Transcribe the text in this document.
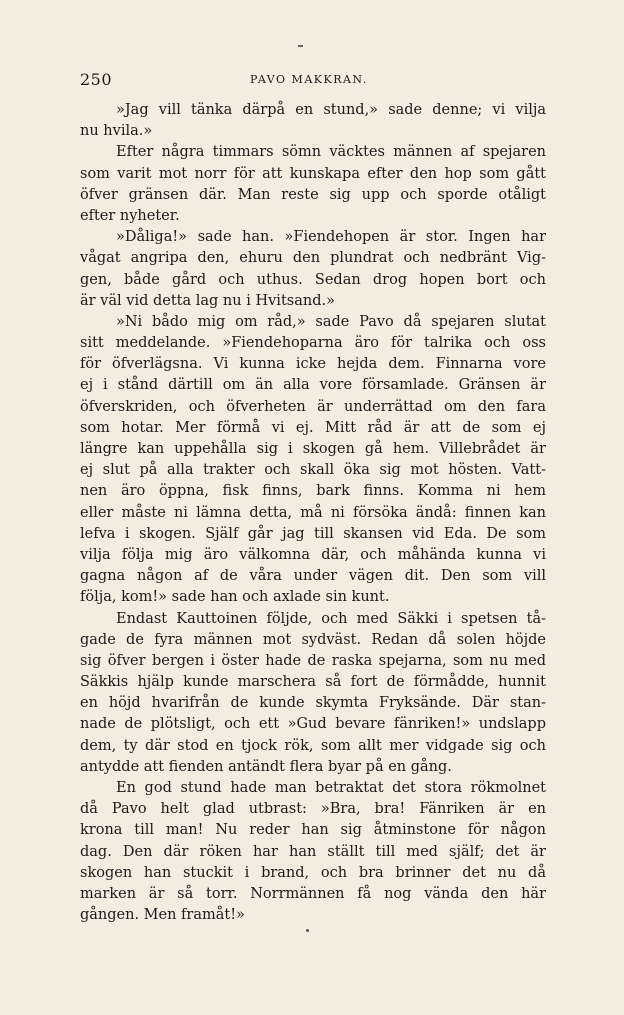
250	PAVO MAKKRAN.
»Jag vill tänka därpå en stund,» sade denne; vi vilja
nu hvila.»
Efter några timmars sömn väcktes männen af spejaren
som varit mot norr för att kunskapa efter den hop som gått
öfver gränsen där. Man reste sig upp och sporde otåligt
efter nyheter.
»Dåliga!» sade han. »Fiendehopen är stor. Ingen har
vågat angripa den, ehuru den plundrat och nedbränt Vig-
gen, både gård och uthus. Sedan drog hopen bort och
är väl vid detta lag nu i Hvitsand.»
»Ni bådo mig om råd,» sade Pavo då spejaren slutat
sitt meddelande. »Fiendehoparna äro för talrika och oss
för öfverlägsna. Vi kunna icke hejda dem. Finnarna vore
ej i stånd därtill om än alla vore församlade. Gränsen är
öfverskriden, och öfverheten är underrättad om den fara
som hotar. Mer förmå vi ej. Mitt råd är att de som ej
längre kan uppehålla sig i skogen gå hem. Villebrådet är
ej slut på alla trakter och skall öka sig mot hösten. Vatt-
nen äro öppna, fisk finns, bark finns. Komma ni hem
eller måste ni lämna detta, må ni försöka ändå: finnen kan
lefva i skogen. Själf går jag till skansen vid Eda. De som
vilja följa mig äro välkomna där, och måhända kunna vi
gagna någon af de våra under vägen dit. Den som vill
följa, kom!» sade han och axlade sin kunt.
Endast Kauttoinen följde, och med Säkki i spetsen tå-
gade de fyra männen mot sydväst. Redan då solen höjde
sig öfver bergen i öster hade de raska spejarna, som nu med
Säkkis hjälp kunde marschera så fort de förmådde, hunnit
en höjd hvarifrån de kunde skymta Fryksände. Där stan-
nade de plötsligt, och ett »Gud bevare fänriken!» undslapp
dem, ty där stod en tjock rök, som allt mer vidgade sig och
antydde att fienden antändt flera byar på en gång.
En god stund hade man betraktat det stora rökmolnet
då Pavo helt glad utbrast: »Bra, bra! Fänriken är en
krona till man! Nu reder han sig åtminstone för någon
dag. Den där röken har han ställt till med själf; det är
skogen han stuckit i brand, och bra brinner det nu då
marken är så torr. Norrmännen få nog vända den här
gången. Men framåt!»
